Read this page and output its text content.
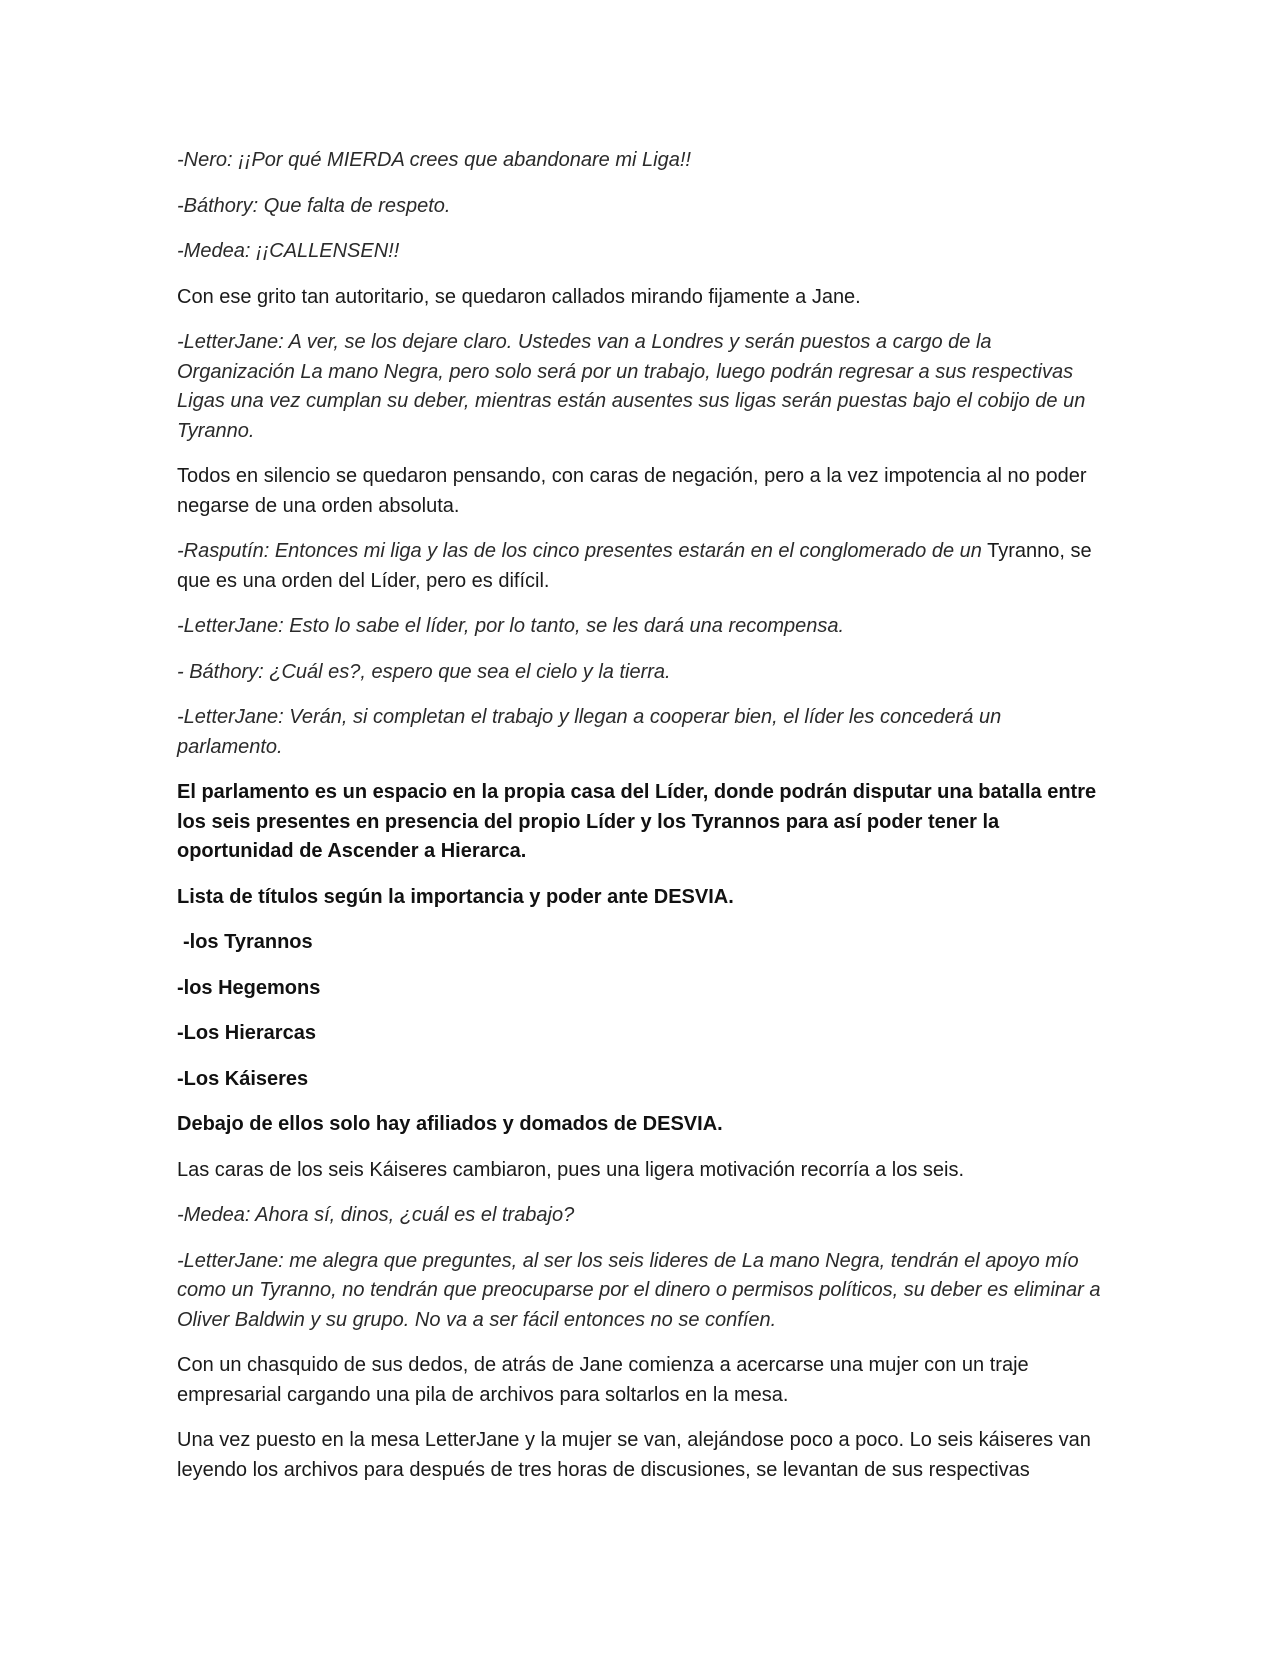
-Nero: ¡¡Por qué MIERDA crees que abandonare mi Liga!!

-Báthory: Que falta de respeto.

-Medea: ¡¡CALLENSEN!!

Con ese grito tan autoritario, se quedaron callados mirando fijamente a Jane.

-LetterJane: A ver, se los dejare claro. Ustedes van a Londres y serán puestos a cargo de la Organización La mano Negra, pero solo será por un trabajo, luego podrán regresar a sus respectivas Ligas una vez cumplan su deber, mientras están ausentes sus ligas serán puestas bajo el cobijo de un Tyranno.

Todos en silencio se quedaron pensando, con caras de negación, pero a la vez impotencia al no poder negarse de una orden absoluta.

-Rasputín: Entonces mi liga y las de los cinco presentes estarán en el conglomerado de un Tyranno, se que es una orden del Líder, pero es difícil.

-LetterJane: Esto lo sabe el líder, por lo tanto, se les dará una recompensa.

- Báthory: ¿Cuál es?, espero que sea el cielo y la tierra.

-LetterJane: Verán, si completan el trabajo y llegan a cooperar bien, el líder les concederá un parlamento.

El parlamento es un espacio en la propia casa del Líder, donde podrán disputar una batalla entre los seis presentes en presencia del propio Líder y los Tyrannos para así poder tener la oportunidad de Ascender a Hierarca.

Lista de títulos según la importancia y poder ante DESVIA.

-los Tyrannos

-los Hegemons

-Los Hierarcas

-Los Káiseres

Debajo de ellos solo hay afiliados y domados de DESVIA.

Las caras de los seis Káiseres cambiaron, pues una ligera motivación recorría a los seis.

-Medea: Ahora sí, dinos, ¿cuál es el trabajo?

-LetterJane: me alegra que preguntes, al ser los seis lideres de La mano Negra, tendrán el apoyo mío como un Tyranno, no tendrán que preocuparse por el dinero o permisos políticos, su deber es eliminar a Oliver Baldwin y su grupo. No va a ser fácil entonces no se confíen.

Con un chasquido de sus dedos, de atrás de Jane comienza a acercarse una mujer con un traje empresarial cargando una pila de archivos para soltarlos en la mesa.

Una vez puesto en la mesa LetterJane y la mujer se van, alejándose poco a poco. Lo seis káiseres van leyendo los archivos para después de tres horas de discusiones, se levantan de sus respectivas
